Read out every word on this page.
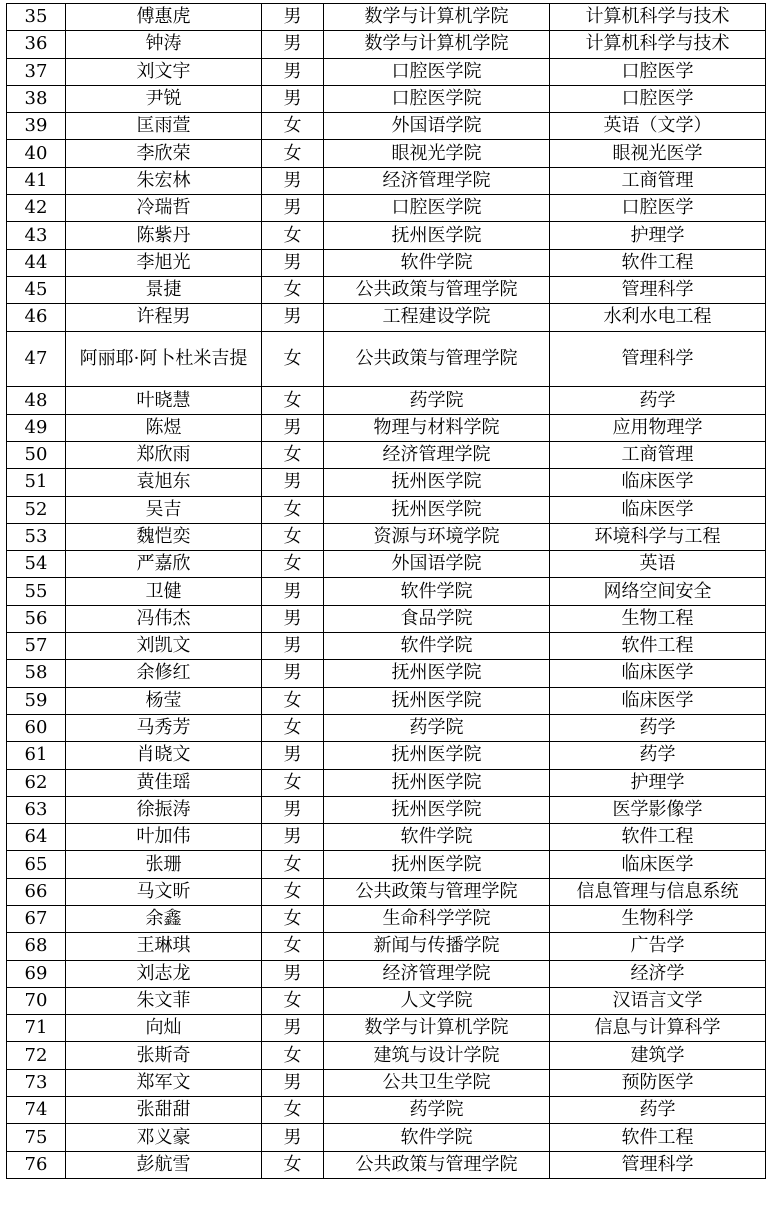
35	傅惠虎	男	数学与计算机学院	计算机科学与技术
36	钟涛	男	数学与计算机学院	计算机科学与技术
37	刘文宇	男	口腔医学院	口腔医学
38	尹锐	男	口腔医学院	口腔医学
39	匡雨萱	女	外国语学院	英语（文学）
40	李欣荣	女	眼视光学院	眼视光医学
41	朱宏林	男	经济管理学院	工商管理
42	冷瑞哲	男	口腔医学院	口腔医学
43	陈紫丹	女	抚州医学院	护理学
44	李旭光	男	软件学院	软件工程
45	景捷	女	公共政策与管理学院	管理科学
46	许程男	男	工程建设学院	水利水电工程
47	阿丽耶·阿卜杜米吉提	女	公共政策与管理学院	管理科学
48	叶晓慧	女	药学院	药学
49	陈煜	男	物理与材料学院	应用物理学
50	郑欣雨	女	经济管理学院	工商管理
51	袁旭东	男	抚州医学院	临床医学
52	吴吉	女	抚州医学院	临床医学
53	魏恺奕	女	资源与环境学院	环境科学与工程
54	严嘉欣	女	外国语学院	英语
55	卫健	男	软件学院	网络空间安全
56	冯伟杰	男	食品学院	生物工程
57	刘凯文	男	软件学院	软件工程
58	余修红	男	抚州医学院	临床医学
59	杨莹	女	抚州医学院	临床医学
60	马秀芳	女	药学院	药学
61	肖晓文	男	抚州医学院	药学
62	黄佳瑶	女	抚州医学院	护理学
63	徐振涛	男	抚州医学院	医学影像学
64	叶加伟	男	软件学院	软件工程
65	张珊	女	抚州医学院	临床医学
66	马文昕	女	公共政策与管理学院	信息管理与信息系统
67	余鑫	女	生命科学学院	生物科学
68	王琳琪	女	新闻与传播学院	广告学
69	刘志龙	男	经济管理学院	经济学
70	朱文菲	女	人文学院	汉语言文学
71	向灿	男	数学与计算机学院	信息与计算科学
72	张斯奇	女	建筑与设计学院	建筑学
73	郑军文	男	公共卫生学院	预防医学
74	张甜甜	女	药学院	药学
75	邓义豪	男	软件学院	软件工程
76	彭航雪	女	公共政策与管理学院	管理科学
